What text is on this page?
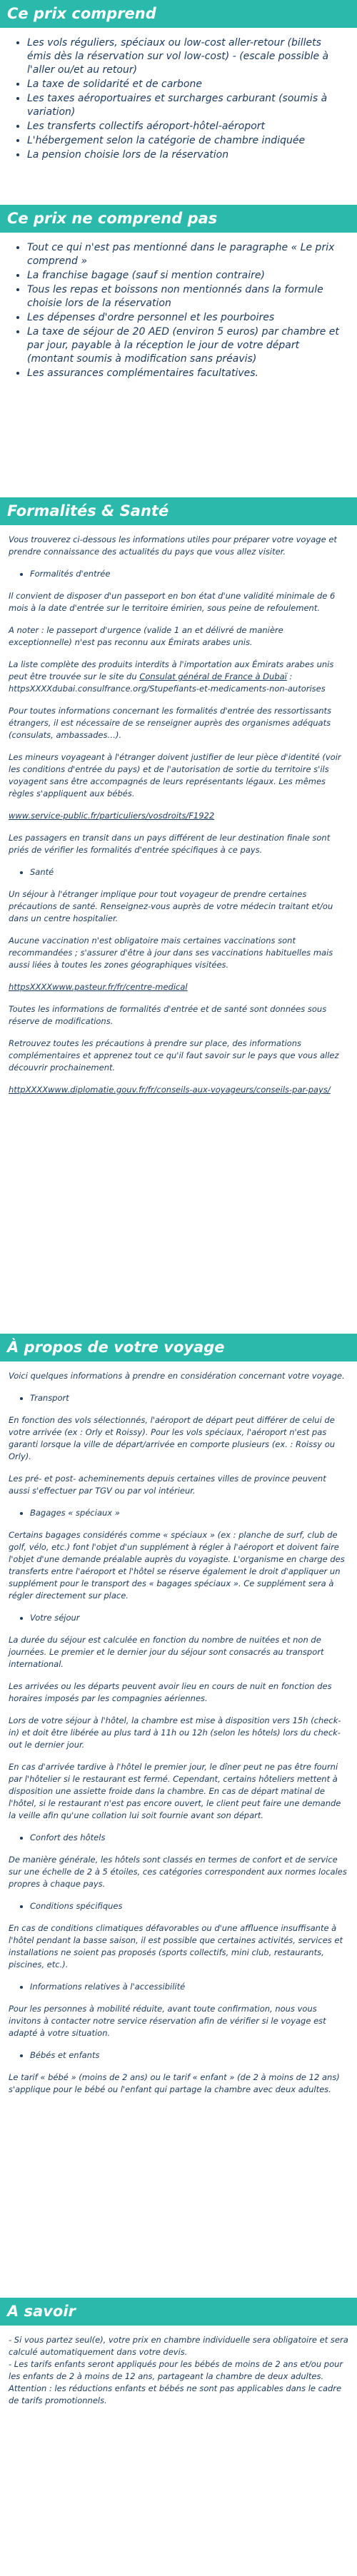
Ce prix comprend
• Les vols réguliers, spéciaux ou low-cost aller-retour (billets émis dès la réservation sur vol low-cost) - (escale possible à l'aller ou/et au retour)
• La taxe de solidarité et de carbone
• Les taxes aéroportuaires et surcharges carburant (soumis à variation)
• Les transferts collectifs aéroport-hôtel-aéroport
• L'hébergement selon la catégorie de chambre indiquée
• La pension choisie lors de la réservation
Ce prix ne comprend pas
• Tout ce qui n'est pas mentionné dans le paragraphe « Le prix comprend »
• La franchise bagage (sauf si mention contraire)
• Tous les repas et boissons non mentionnés dans la formule choisie lors de la réservation
• Les dépenses d'ordre personnel et les pourboires
• La taxe de séjour de 20 AED (environ 5 euros) par chambre et par jour, payable à la réception le jour de votre départ (montant soumis à modification sans préavis)
• Les assurances complémentaires facultatives.
Formalités & Santé

Vous trouverez ci-dessous les informations utiles pour préparer votre voyage et prendre connaissance des actualités du pays que vous allez visiter.

• Formalités d'entrée

Il convient de disposer d'un passeport en bon état d'une validité minimale de 6 mois à la date d'entrée sur le territoire émirien, sous peine de refoulement.

A noter : le passeport d'urgence (valide 1 an et délivré de manière exceptionnelle) n'est pas reconnu aux Émirats arabes unis.

La liste complète des produits interdits à l'importation aux Émirats arabes unis peut être trouvée sur le site du Consulat général de France à Dubaï : httpsXXXXdubai.consulfrance.org/Stupefiants-et-medicaments-non-autorises

Pour toutes informations concernant les formalités d'entrée des ressortissants étrangers, il est nécessaire de se renseigner auprès des organismes adéquats (consulats, ambassades…).

Les mineurs voyageant à l'étranger doivent justifier de leur pièce d'identité (voir les conditions d'entrée du pays) et de l'autorisation de sortie du territoire s'ils voyagent sans être accompagnés de leurs représentants légaux. Les mêmes règles s'appliquent aux bébés.

www.service-public.fr/particuliers/vosdroits/F1922

Les passagers en transit dans un pays différent de leur destination finale sont priés de vérifier les formalités d'entrée spécifiques à ce pays.

• Santé

Un séjour à l'étranger implique pour tout voyageur de prendre certaines précautions de santé. Renseignez-vous auprès de votre médecin traitant et/ou dans un centre hospitalier.

Aucune vaccination n'est obligatoire mais certaines vaccinations sont recommandées ; s'assurer d'être à jour dans ses vaccinations habituelles mais aussi liées à toutes les zones géographiques visitées.

httpsXXXXwww.pasteur.fr/fr/centre-medical

Toutes les informations de formalités d'entrée et de santé sont données sous réserve de modifications.

Retrouvez toutes les précautions à prendre sur place, des informations complémentaires et apprenez tout ce qu'il faut savoir sur le pays que vous allez découvrir prochainement.

httpXXXXwww.diplomatie.gouv.fr/fr/conseils-aux-voyageurs/conseils-par-pays/

À propos de votre voyage

Voici quelques informations à prendre en considération concernant votre voyage.

• Transport

En fonction des vols sélectionnés, l'aéroport de départ peut différer de celui de votre arrivée (ex : Orly et Roissy). Pour les vols spéciaux, l'aéroport n'est pas garanti lorsque la ville de départ/arrivée en comporte plusieurs (ex. : Roissy ou Orly).

Les pré- et post- acheminements depuis certaines villes de province peuvent aussi s'effectuer par TGV ou par vol intérieur.

• Bagages « spéciaux »

Certains bagages considérés comme « spéciaux » (ex : planche de surf, club de golf, vélo, etc.) font l'objet d'un supplément à régler à l'aéroport et doivent faire l'objet d'une demande préalable auprès du voyagiste. L'organisme en charge des transferts entre l'aéroport et l'hôtel se réserve également le droit d'appliquer un supplément pour le transport des « bagages spéciaux ». Ce supplément sera à régler directement sur place.

• Votre séjour

La durée du séjour est calculée en fonction du nombre de nuitées et non de journées. Le premier et le dernier jour du séjour sont consacrés au transport international.

Les arrivées ou les départs peuvent avoir lieu en cours de nuit en fonction des horaires imposés par les compagnies aériennes.

Lors de votre séjour à l'hôtel, la chambre est mise à disposition vers 15h (check-in) et doit être libérée au plus tard à 11h ou 12h (selon les hôtels) lors du check-out le dernier jour.

En cas d'arrivée tardive à l'hôtel le premier jour, le dîner peut ne pas être fourni par l'hôtelier si le restaurant est fermé. Cependant, certains hôteliers mettent à disposition une assiette froide dans la chambre. En cas de départ matinal de l'hôtel, si le restaurant n'est pas encore ouvert, le client peut faire une demande la veille afin qu'une collation lui soit fournie avant son départ.

• Confort des hôtels

De manière générale, les hôtels sont classés en termes de confort et de service sur une échelle de 2 à 5 étoiles, ces catégories correspondent aux normes locales propres à chaque pays.

• Conditions spécifiques

En cas de conditions climatiques défavorables ou d'une affluence insuffisante à l'hôtel pendant la basse saison, il est possible que certaines activités, services et installations ne soient pas proposés (sports collectifs, mini club, restaurants, piscines, etc.).

• Informations relatives à l'accessibilité

Pour les personnes à mobilité réduite, avant toute confirmation, nous vous invitons à contacter notre service réservation afin de vérifier si le voyage est adapté à votre situation.

• Bébés et enfants

Le tarif « bébé » (moins de 2 ans) ou le tarif « enfant » (de 2 à moins de 12 ans) s'applique pour le bébé ou l'enfant qui partage la chambre avec deux adultes.

A savoir
- Si vous partez seul(e), votre prix en chambre individuelle sera obligatoire et sera calculé automatiquement dans votre devis.
- Les tarifs enfants seront appliqués pour les bébés de moins de 2 ans et/ou pour les enfants de 2 à moins de 12 ans, partageant la chambre de deux adultes. Attention : les réductions enfants et bébés ne sont pas applicables dans le cadre de tarifs promotionnels.
